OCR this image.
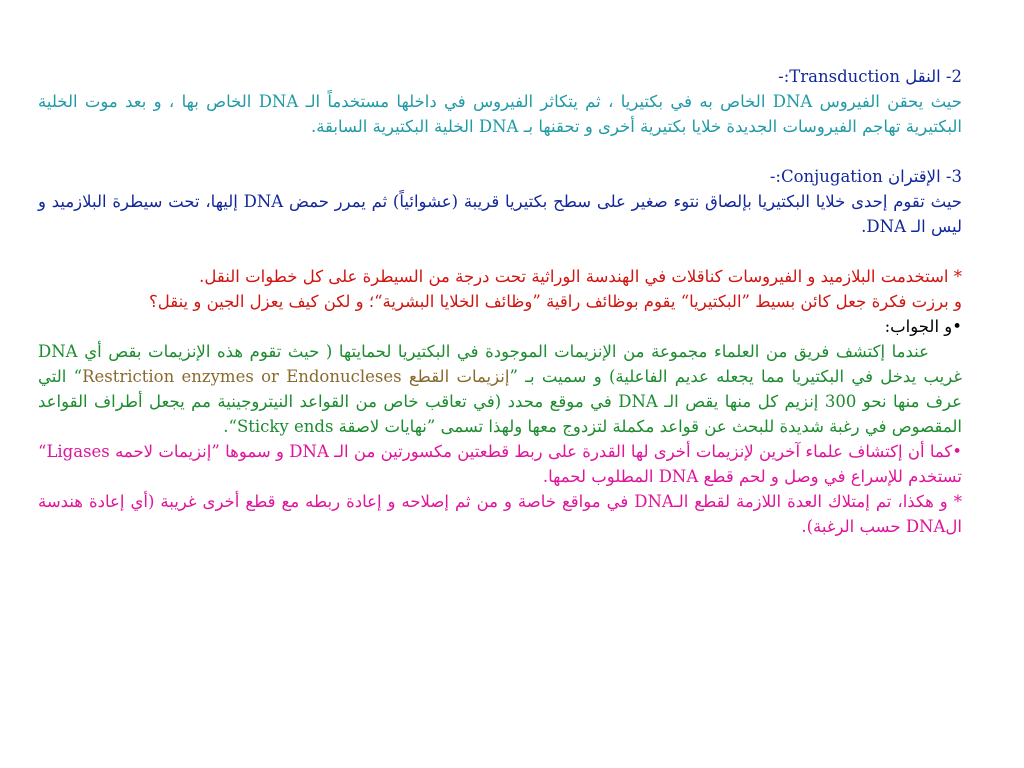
2- النقل Transduction:-

حيث يحقن الفيروس DNA الخاص به في بكتيريا ، ثم يتكاثر الفيروس في داخلها مستخدماً الـ DNA الخاص بها ، و بعد موت الخلية البكتيرية تهاجم الفيروسات الجديدة خلايا بكتيرية أخرى و تحقنها بـ DNA الخلية البكتيرية السابقة.

3- الإقتران Conjugation:-

حيث تقوم إحدى خلايا البكتيريا بإلصاق نتوء صغير على سطح بكتيريا قريبة (عشوائياً) ثم يمرر حمض DNA إليها، تحت سيطرة البلازميد و ليس الـ DNA.

* استخدمت البلازميد و الفيروسات كناقلات في الهندسة الوراثية تحت درجة من السيطرة على كل خطوات النقل.

و برزت فكرة جعل كائن بسيط ”البكتيريا“ يقوم بوظائف راقية ”وظائف الخلايا البشرية“؛ و لكن كيف يعزل الجين و ينقل؟

• و الجواب:

  عندما إكتشف فريق من العلماء مجموعة من الإنزيمات الموجودة في البكتيريا لحمايتها ( حيث تقوم هذه الإنزيمات بقص أي DNA غريب يدخل في البكتيريا مما يجعله عديم الفاعلية) و سميت بـ ”إنزيمات القطع Restriction enzymes or Endonucleses“ التي عرف منها نحو 300 إنزيم كل منها يقص الـ DNA في موقع محدد (في تعاقب خاص من القواعد النيتروجينية مم يجعل أطراف القواعد المقصوص في رغبة شديدة للبحث عن قواعد مكملة لتزدوج معها ولهذا تسمى ”نهايات لاصقة Sticky ends“.

• كما أن إكتشاف علماء آخرين لإنزيمات أخرى لها القدرة على ربط قطعتين مكسورتين من الـ DNA و سموها ”إنزيمات لاحمه Ligases“ تستخدم للإسراع في وصل و لحم قطع DNA المطلوب لحمها.

* و هكذا، تم إمتلاك العدة اللازمة لقطع الـDNA في مواقع خاصة و من ثم إصلاحه و إعادة ربطه مع قطع أخرى غريبة (أي إعادة هندسة الDNA حسب الرغبة).
